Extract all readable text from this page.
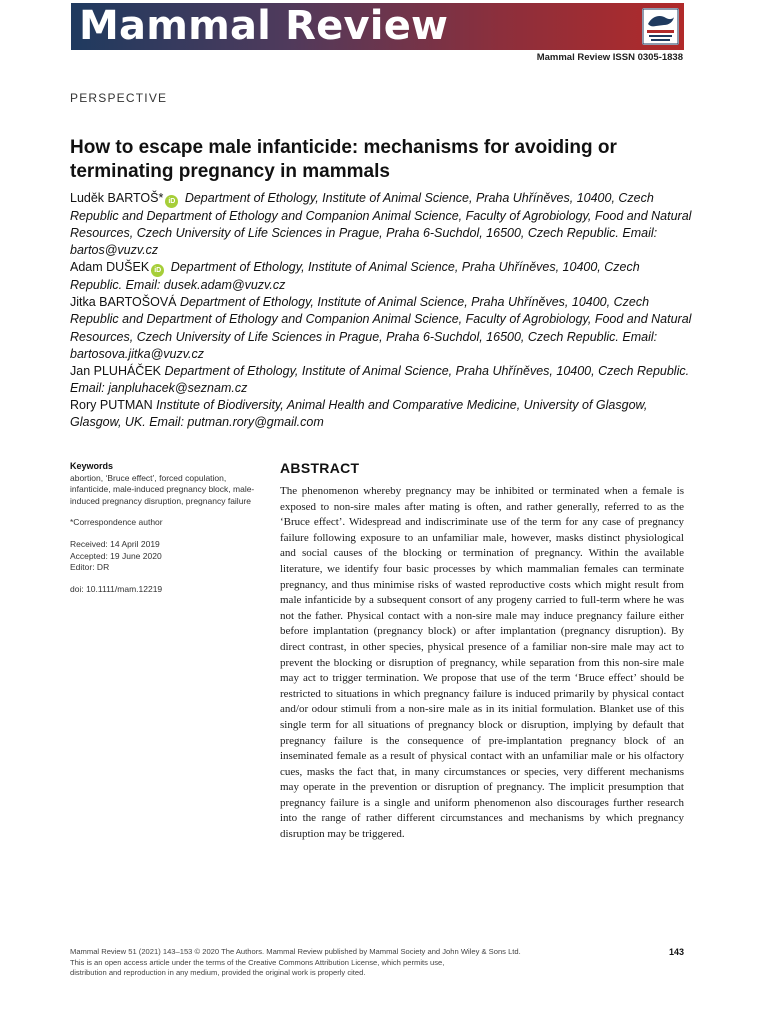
Mammal Review
Mammal Review ISSN 0305-1838
PERSPECTIVE
How to escape male infanticide: mechanisms for avoiding or terminating pregnancy in mammals

Luděk BARTOŠ* iD Department of Ethology, Institute of Animal Science, Praha Uhříněves, 10400, Czech Republic and Department of Ethology and Companion Animal Science, Faculty of Agrobiology, Food and Natural Resources, Czech University of Life Sciences in Prague, Praha 6-Suchdol, 16500, Czech Republic. Email: bartos@vuzv.cz

Adam DUŠEK iD Department of Ethology, Institute of Animal Science, Praha Uhříněves, 10400, Czech Republic. Email: dusek.adam@vuzv.cz

Jitka BARTOŠOVÁ Department of Ethology, Institute of Animal Science, Praha Uhříněves, 10400, Czech Republic and Department of Ethology and Companion Animal Science, Faculty of Agrobiology, Food and Natural Resources, Czech University of Life Sciences in Prague, Praha 6-Suchdol, 16500, Czech Republic. Email: bartosova.jitka@vuzv.cz

Jan PLUHÁČEK Department of Ethology, Institute of Animal Science, Praha Uhříněves, 10400, Czech Republic. Email: janpluhacek@seznam.cz

Rory PUTMAN Institute of Biodiversity, Animal Health and Comparative Medicine, University of Glasgow, Glasgow, UK. Email: putman.rory@gmail.com

Keywords
abortion, ‘Bruce effect’, forced copulation, infanticide, male-induced pregnancy block, male-induced pregnancy disruption, pregnancy failure
*Correspondence author
Received: 14 April 2019
Accepted: 19 June 2020
Editor: DR
doi: 10.1111/mam.12219
ABSTRACT

The phenomenon whereby pregnancy may be inhibited or terminated when a female is exposed to non-sire males after mating is often, and rather generally, referred to as the ‘Bruce effect’. Widespread and indiscriminate use of the term for any case of pregnancy failure following exposure to an unfamiliar male, however, masks distinct physiological and social causes of the blocking or termination of pregnancy. Within the available literature, we identify four basic processes by which mammalian females can terminate pregnancy, and thus minimise risks of wasted reproductive costs which might result from male infanticide by a subsequent consort of any progeny carried to full-term where he was not the father. Physical contact with a non-sire male may induce pregnancy failure either before implantation (pregnancy block) or after implantation (pregnancy disruption). By direct contrast, in other species, physical presence of a familiar non-sire male may act to prevent the blocking or disruption of pregnancy, while separation from this non-sire male may act to trigger termination. We propose that use of the term ‘Bruce effect’ should be restricted to situations in which pregnancy failure is induced primarily by physical contact and/or odour stimuli from a non-sire male as in its initial formulation. Blanket use of this single term for all situations of pregnancy block or disruption, implying by default that pregnancy failure is the consequence of pre-implantation pregnancy block of an inseminated female as a result of physical contact with an unfamiliar male or his olfactory cues, masks the fact that, in many circumstances or species, very different mechanisms may operate in the prevention or disruption of pregnancy. The implicit presumption that pregnancy failure is a single and uniform phenomenon also discourages further research into the range of rather different circumstances and mechanisms by which pregnancy disruption may be triggered.

Mammal Review 51 (2021) 143–153 © 2020 The Authors. Mammal Review published by Mammal Society and John Wiley & Sons Ltd.

This is an open access article under the terms of the Creative Commons Attribution License, which permits use,

distribution and reproduction in any medium, provided the original work is properly cited.

143
